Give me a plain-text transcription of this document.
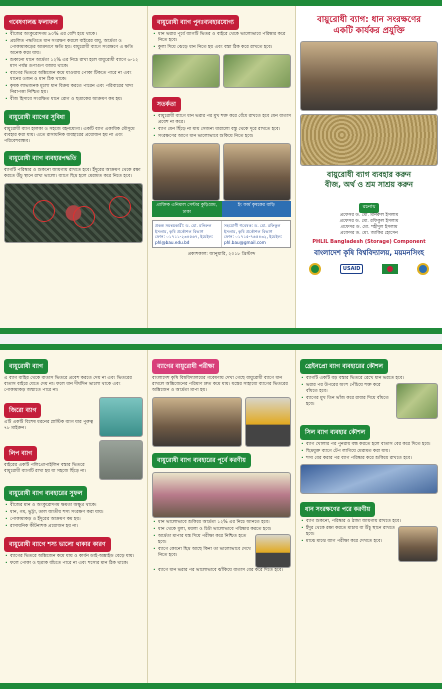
গবেষণালব্ধ ফলাফল
• বীজের অংকুরোদগম ৯০% এর বেশি হয়ে থাকে।
• প্রচলিত পদ্ধতিতে ধান সংরক্ষণ করলে বাইরের বায়ু, আর্দ্রতা ও পোকামাকড়ের আক্রমণে ক্ষতি হয়। বায়ুরোধী ব্যাগে সংরক্ষণে এ ক্ষতি অনেক কমে যায়।
• শুকানো ধানে আর্দ্রতা ১২% এর নিচে রাখা হলে বায়ুরোধী ব্যাগে ৬-১২ মাস পর্যন্ত গুণাগুণ বজায় থাকে।
• ব্যাগের ভিতরে অক্সিজেন কমে যাওয়ায় পোকা টিকতে পারে না এবং ধানের ওজন ও মান ঠিক থাকে।
• কৃষক লাভজনক মূল্যে ধান বিক্রয় করতে পারেন এবং পরিবারের খাদ্য নিরাপত্তা নিশ্চিত হয়।
• বীজ হিসাবে সংরক্ষিত ধানে রোগ ও ছত্রাকের আক্রমণ কম হয়।
বায়ুরোধী ব্যাগের সুবিধা
বায়ুরোধী ব্যাগ হালকা ও সহজে বহনযোগ্য। একটি ব্যাগ একাধিক মৌসুমে ব্যবহার করা যায়। এতে রাসায়নিক ব্যবহারের প্রয়োজন হয় না এবং পরিবেশবান্ধব।
বায়ুরোধী ব্যাগ ব্যবহারপদ্ধতি
ব্যাগটি পরিষ্কার ও শুকনো জায়গায় রাখতে হবে। ইঁদুরের আক্রমণ থেকে রক্ষা করতে উঁচু স্থানে রাখা ভালো। ব্যাগে ছিদ্র হলে মেরামত করে নিতে হবে।
বায়ুরোধী ব্যাগ পুনঃব্যবহারযোগ্য
• ধান ভরার পূর্বে ব্যাগটি ভিতর ও বাইরে থেকে ভালোভাবে পরিষ্কার করে নিতে হবে।
• কুলা দিয়ে ঝেড়ে ধান নিতে হয় এবং বস্তা ঠিক করে রাখতে হবে।
সতর্কতা
• বায়ুরোধী ব্যাগে ধান ভরার পর মুখ শক্ত করে বেঁধে রাখতে হবে যেন বাতাস প্রবেশ না করে।
• ব্যাগ যেন ছিঁড়ে না যায় সেজন্য ধারালো বস্তু থেকে দূরে রাখতে হবে।
• সংরক্ষণের আগে ধান ভালোভাবে শুকিয়ে নিতে হবে।
প্রাক্তিক এনিমাল সেন্টার কুড়িগ্রাম, ঢাকা
ইং ফার্ম কৃষকের বাড়ি
প্রকল্প সমন্বয়কারী: ড. মো. মনিরুল ইসলাম, কৃষি প্রকৌশল বিভাগ
ফোন: ০১৭১১-২৩৪৫৬৭, ইমেইল: phl@bau.edu.bd
সহযোগী গবেষক: ড. মো. রফিকুল ইসলাম, কৃষি প্রকৌশল বিভাগ
ফোন: ০১৭১৫-৭৬৫৪৩২, ইমেইল: phl.bau@gmail.com
প্রকাশকাল: জানুয়ারি, ২০১৮ খ্রিস্টাব্দ
বায়ুরোধী ব্যাগ: ধান সংরক্ষণের
একটি কার্যকর প্রযুক্তি
বায়ুরোধী ব্যাগ ব্যবহার করুন
বীজ, অর্থ ও শ্রম সাশ্রয় করুন
রচনায়
প্রফেসর ড. মো. মনিরুল ইসলাম
প্রফেসর ড. মো. রফিকুল ইসলাম
প্রফেসর ড. মো. শহীদুল ইসলাম
প্রফেসর ড. মো. জাকির হোসেন
PHLIL Bangladesh (Storage) Component
বাংলাদেশ কৃষি বিশ্ববিদ্যালয়, ময়মনসিংহ
USAID
বায়ুরোধী ব্যাগ
এ ব্যাগ বাহির থেকে বাতাস ভিতরে প্রবেশ করতে দেয় না এবং ভিতরের বাতাস বাইরে যেতে দেয় না। ফলে ধান দীর্ঘদিন ভালো থাকে এবং পোকামাকড় জন্মাতে পারে না।
জিরো ব্যাগ
এটি একটি বিশেষ ধরনের প্লাস্টিক ব্যাগ যার পুরুত্ব ৭৮ মাইক্রন।
লিপ ব্যাগ
বাইরের একটি পলিপ্রোপাইলিন বস্তার ভিতরে বায়ুরোধী ব্যাগটি রাখা হয় যা সহজে ছিঁড়ে না।
বায়ুরোধী ব্যাগ ব্যবহারের সুফল
• বীজের মান ও অংকুরোদগম ক্ষমতা অক্ষুণ্ণ থাকে।
• ধান, গম, ভুট্টা, ডাল জাতীয় শস্য সংরক্ষণ করা যায়।
• পোকামাকড় ও ইঁদুরের আক্রমণ কম হয়।
• রাসায়নিক কীটনাশক প্রয়োজন হয় না।
বায়ুরোধী ব্যাগে শস্য ভালো থাকার কারণ
• ব্যাগের ভিতরে অক্সিজেন কমে যায় ও কার্বন ডাই-অক্সাইড বেড়ে যায়।
• ফলে পোকা ও ছত্রাক বাঁচতে পারে না এবং শস্যের মান ঠিক থাকে।
ব্যাগের বায়ুরোধী পরীক্ষা
বাংলাদেশ কৃষি বিশ্ববিদ্যালয়ের গবেষণায় দেখা গেছে বায়ুরোধী ব্যাগে ধান রাখলে অক্সিজেনের পরিমাণ দ্রুত কমে যায়। যন্ত্রের সাহায্যে ব্যাগের ভিতরের অক্সিজেন ও আর্দ্রতা মাপা হয়।
বায়ুরোধী ব্যাগ ব্যবহারের পূর্বে করণীয়
• ধান ভালোভাবে শুকিয়ে আর্দ্রতা ১২% এর নিচে আনতে হবে।
• ধান থেকে ধুলা, ময়লা ও চিটা ভালোভাবে পরিষ্কার করতে হবে।
• আর্দ্রতা মাপার যন্ত্র দিয়ে পরীক্ষা করে নিশ্চিত হতে হবে।
• ব্যাগে কোনো ছিদ্র আছে কিনা তা ভালোভাবে দেখে নিতে হবে।
• ব্যাগে ধান ভরার পর ভালোভাবে ঝাঁকিয়ে বাতাস বের করে দিতে হবে।
গ্রেইনপ্রো ব্যাগ ব্যবহারের কৌশল
• ব্যাগটি একটি বড় বস্তার ভিতরে রেখে ধান ভরতে হবে।
• ভরার পর উপরের অংশ পেঁচিয়ে শক্ত করে বাঁধতে হবে।
• ব্যাগের মুখ তিন ভাঁজ করে রাবার দিয়ে বাঁধতে হবে।
সিল ব্যাগ ব্যবহার কৌশল
• ব্যাগ খোলার পর পুনরায় বন্ধ করতে হলে বাতাস বের করে দিতে হবে।
• ছিদ্রযুক্ত ব্যাগে টেপ লাগিয়ে মেরামত করা যায়।
• শস্য বের করার পর ব্যাগ পরিষ্কার করে শুকিয়ে রাখতে হবে।
ধান সংরক্ষণের পরে করণীয়
• ব্যাগ শুকনো, পরিষ্কার ও ঠান্ডা জায়গায় রাখতে হবে।
• ইঁদুর থেকে রক্ষা করতে মাচায় বা উঁচু স্থানে রাখতে হবে।
• মাঝে মাঝে ব্যাগ পরীক্ষা করে দেখতে হবে।
